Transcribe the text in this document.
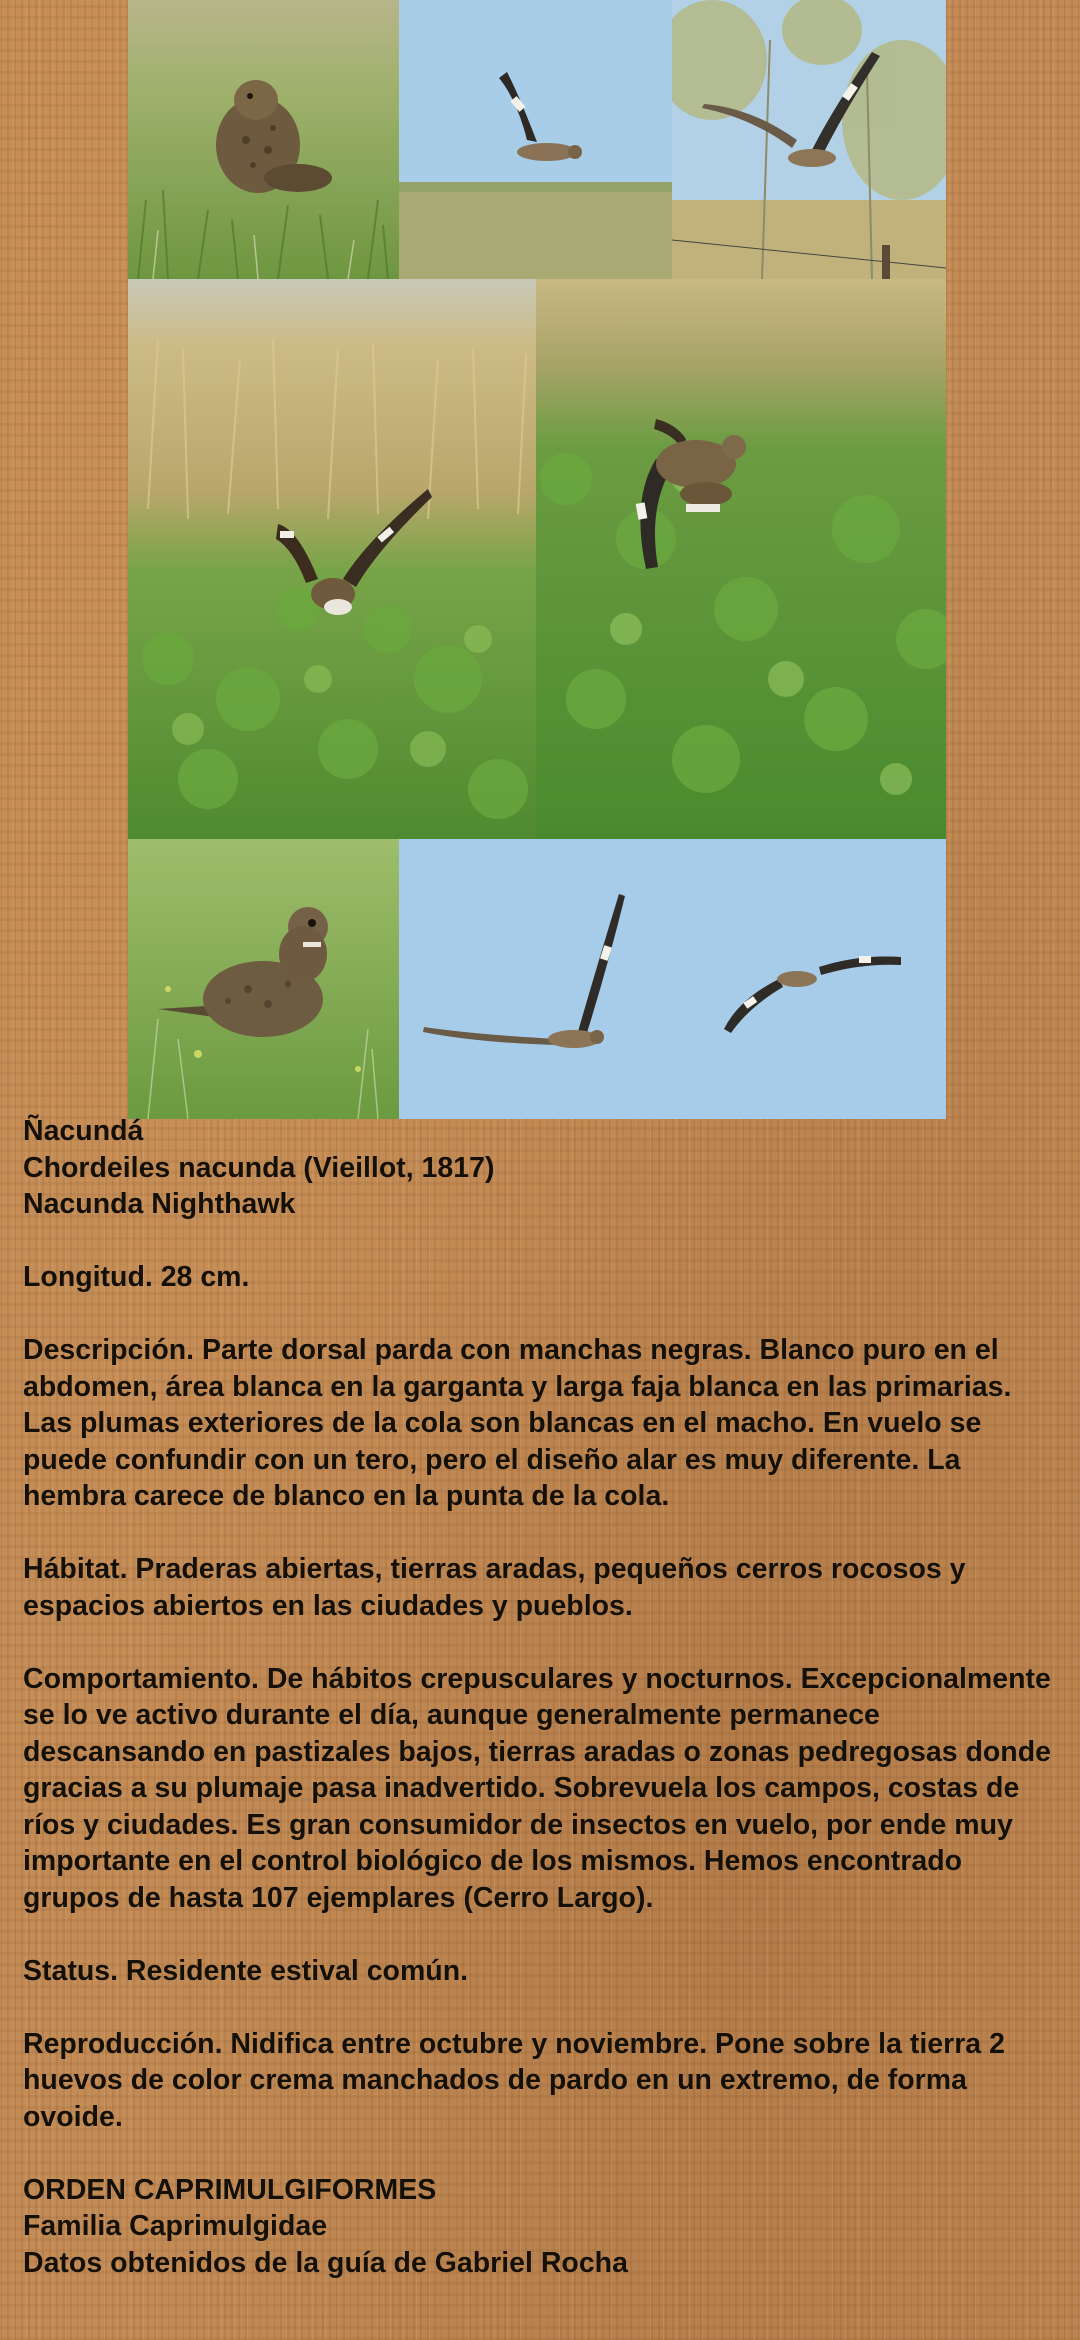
Ñacundá
Chordeiles nacunda (Vieillot, 1817)
Nacunda Nighthawk

Longitud. 28 cm.

Descripción. Parte dorsal parda con manchas negras. Blanco puro en el abdomen, área blanca en la garganta y larga faja blanca en las primarias. Las plumas exteriores de la cola son blancas en el macho. En vuelo se puede confundir con un tero, pero el diseño alar es muy diferente. La hembra carece de blanco en la punta de la cola.

Hábitat. Praderas abiertas, tierras aradas, pequeños cerros rocosos y espacios abiertos en las ciudades y pueblos.

Comportamiento. De hábitos crepusculares y nocturnos. Excepcionalmente se lo ve activo durante el día, aunque generalmente permanece descansando en pastizales bajos, tierras aradas o zonas pedregosas donde gracias a su plumaje pasa inadvertido. Sobrevuela los campos, costas de ríos y ciudades. Es gran consumidor de insectos en vuelo, por ende muy importante en el control biológico de los mismos. Hemos encontrado grupos de hasta 107 ejemplares (Cerro Largo).

Status. Residente estival común.

Reproducción. Nidifica entre octubre y noviembre. Pone sobre la tierra 2 huevos de color crema manchados de pardo en un extremo, de forma ovoide.

ORDEN CAPRIMULGIFORMES
Familia Caprimulgidae
Datos obtenidos de la guía de Gabriel Rocha
